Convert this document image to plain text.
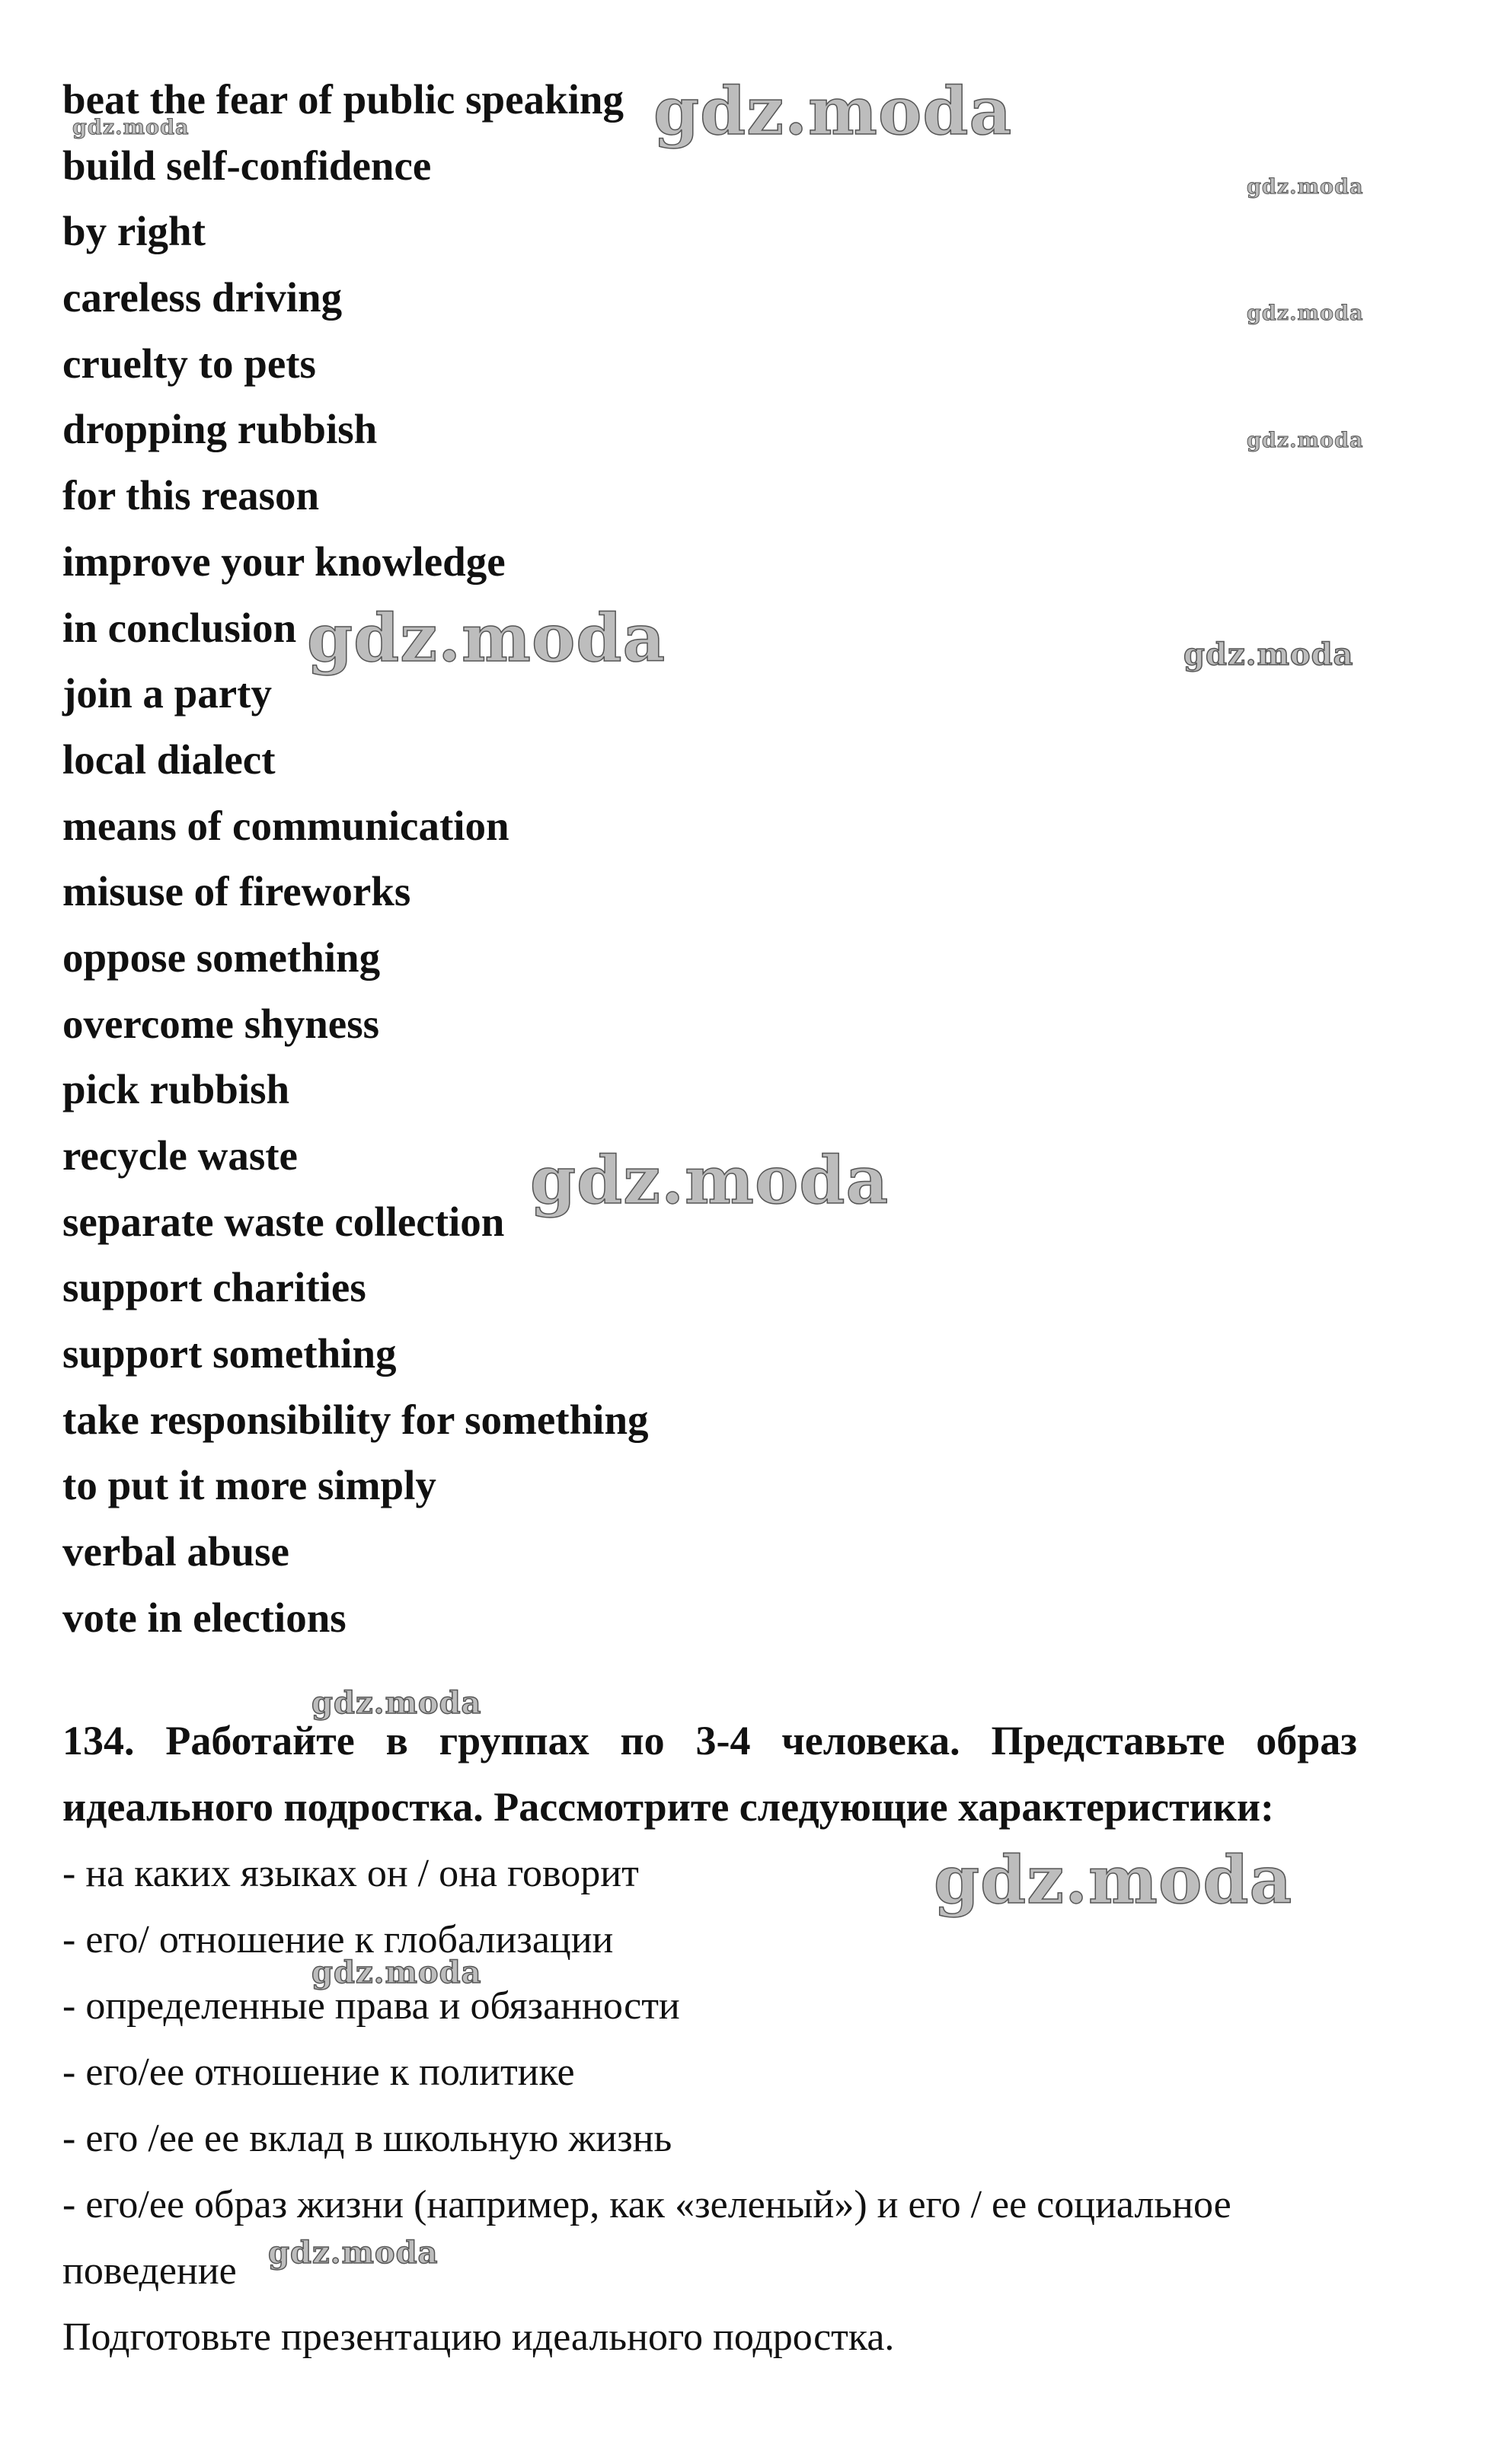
beat the fear of public speaking
build self-confidence
by right
careless driving
cruelty to pets
dropping rubbish
for this reason
improve your knowledge
in conclusion
join a party
local dialect
means of communication
misuse of fireworks
oppose something
overcome shyness
pick rubbish
recycle waste
separate waste collection
support charities
support something
take responsibility for something
to put it more simply
verbal abuse
vote in elections

134. Работайте в группах по 3-4 человека. Представьте образ
идеального подростка. Рассмотрите следующие характеристики:

- на каких языках он / она говорит
- его/ отношение к глобализации
- определенные права и обязанности
- его/ее отношение к политике
- его /ее ее вклад в школьную жизнь
- его/ее образ жизни (например, как «зеленый») и его / ее социальное
поведение
Подготовьте презентацию идеального подростка.
gdz.moda
gdz.moda
gdz.moda
gdz.moda
gdz.moda
gdz.moda	gdz.moda
gdz.moda
gdz.moda
gdz.moda
gdz.moda
gdz.moda
